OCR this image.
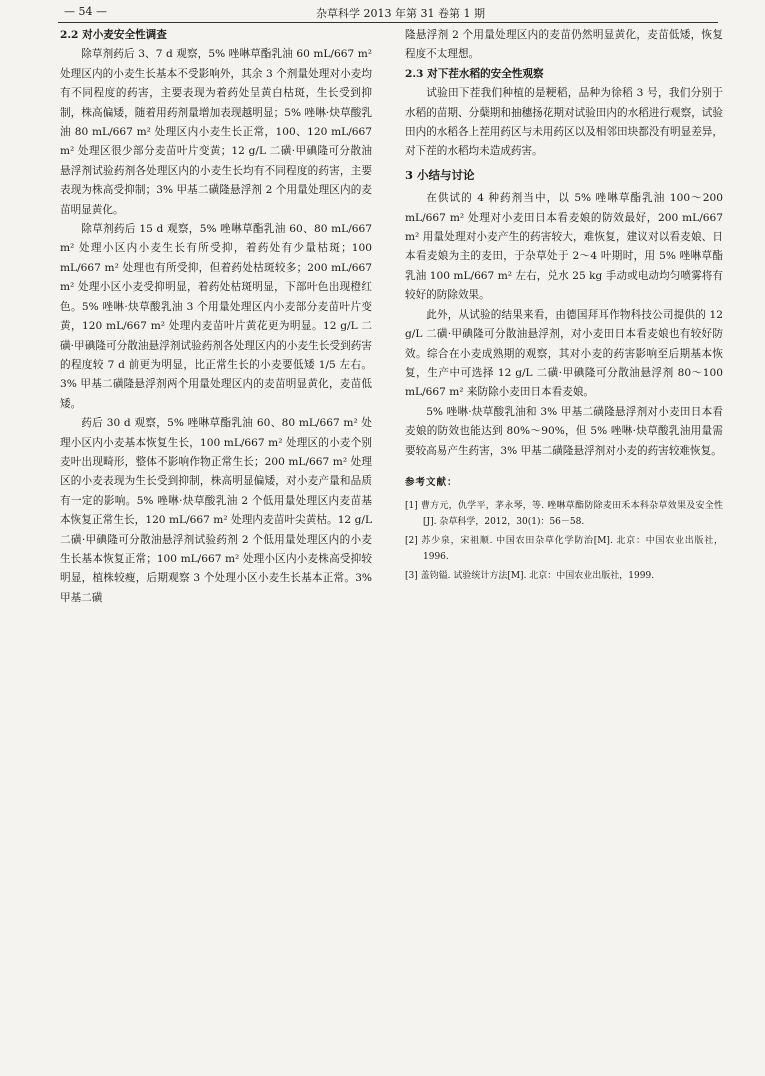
— 54 —	杂草科学 2013 年第 31 卷第 1 期
2.2 对小麦安全性调查

除草剂药后 3、7 d 观察，5% 唑啉草酯乳油 60 mL/667 m² 处理区内的小麦生长基本不受影响外，其余 3 个剂量处理对小麦均有不同程度的药害，主要表现为着药处呈黄白枯斑，生长受到抑制，株高偏矮，随着用药剂量增加表现越明显；5% 唑啉·炔草酸乳油 80 mL/667 m² 处理区内小麦生长正常，100、120 mL/667 m² 处理区很少部分麦苗叶片变黄；12 g/L 二磺·甲碘隆可分散油悬浮剂试验药剂各处理区内的小麦生长均有不同程度的药害，主要表现为株高受抑制；3% 甲基二磺隆悬浮剂 2 个用量处理区内的麦苗明显黄化。

除草剂药后 15 d 观察，5% 唑啉草酯乳油 60、80 mL/667 m² 处理小区内小麦生长有所受抑，着药处有少量枯斑；100 mL/667 m² 处理也有所受抑，但着药处枯斑较多；200 mL/667 m² 处理小区小麦受抑明显，着药处枯斑明显，下部叶色出现橙红色。5% 唑啉·炔草酸乳油 3 个用量处理区内小麦部分麦苗叶片变黄，120 mL/667 m² 处理内麦苗叶片黄花更为明显。12 g/L 二磺·甲碘隆可分散油悬浮剂试验药剂各处理区内的小麦生长受到药害的程度较 7 d 前更为明显，比正常生长的小麦要低矮 1/5 左右。3% 甲基二磺隆悬浮剂两个用量处理区内的麦苗明显黄化，麦苗低矮。

药后 30 d 观察，5% 唑啉草酯乳油 60、80 mL/667 m² 处理小区内小麦基本恢复生长，100 mL/667 m² 处理区的小麦个别麦叶出现畸形，整体不影响作物正常生长；200 mL/667 m² 处理区的小麦表现为生长受到抑制，株高明显偏矮，对小麦产量和品质有一定的影响。5% 唑啉·炔草酸乳油 2 个低用量处理区内麦苗基本恢复正常生长，120 mL/667 m² 处理内麦苗叶尖黄枯。12 g/L 二磺·甲碘隆可分散油悬浮剂试验药剂 2 个低用量处理区内的小麦生长基本恢复正常；100 mL/667 m² 处理小区内小麦株高受抑较明显，植株较瘦，后期观察 3 个处理小区小麦生长基本正常。3% 甲基二磺

隆悬浮剂 2 个用量处理区内的麦苗仍然明显黄化，麦苗低矮，恢复程度不太理想。

2.3 对下茬水稻的安全性观察

试验田下茬我们种植的是粳稻，品种为徐稻 3 号，我们分别于水稻的苗期、分蘖期和抽穗扬花期对试验田内的水稻进行观察，试验田内的水稻各上茬用药区与未用药区以及相邻田块都没有明显差异，对下茬的水稻均未造成药害。

3 小结与讨论

在供试的 4 种药剂当中，以 5% 唑啉草酯乳油 100～200 mL/667 m² 处理对小麦田日本看麦娘的防效最好，200 mL/667 m² 用量处理对小麦产生的药害较大，难恢复，建议对以看麦娘、日本看麦娘为主的麦田，于杂草处于 2～4 叶期时，用 5% 唑啉草酯乳油 100 mL/667 m² 左右，兑水 25 kg 手动或电动均匀喷雾将有较好的防除效果。

此外，从试验的结果来看，由德国拜耳作物科技公司提供的 12 g/L 二磺·甲碘隆可分散油悬浮剂，对小麦田日本看麦娘也有较好防效。综合在小麦成熟期的观察，其对小麦的药害影响至后期基本恢复，生产中可选择 12 g/L 二磺·甲碘隆可分散油悬浮剂 80～100 mL/667 m² 来防除小麦田日本看麦娘。

5% 唑啉·炔草酸乳油和 3% 甲基二磺隆悬浮剂对小麦田日本看麦娘的防效也能达到 80%～90%，但 5% 唑啉·炔草酸乳油用量需要较高易产生药害，3% 甲基二磺隆悬浮剂对小麦的药害较难恢复。

参考文献：
[1] 曹方元，仇学平，茅永琴，等. 唑啉草酯防除麦田禾本科杂草效果及安全性[J]. 杂草科学，2012，30(1)：56－58.
[2] 苏少泉，宋祖顺. 中国农田杂草化学防治[M]. 北京：中国农业出版社，1996.
[3] 盖钧镒. 试验统计方法[M]. 北京：中国农业出版社，1999.
